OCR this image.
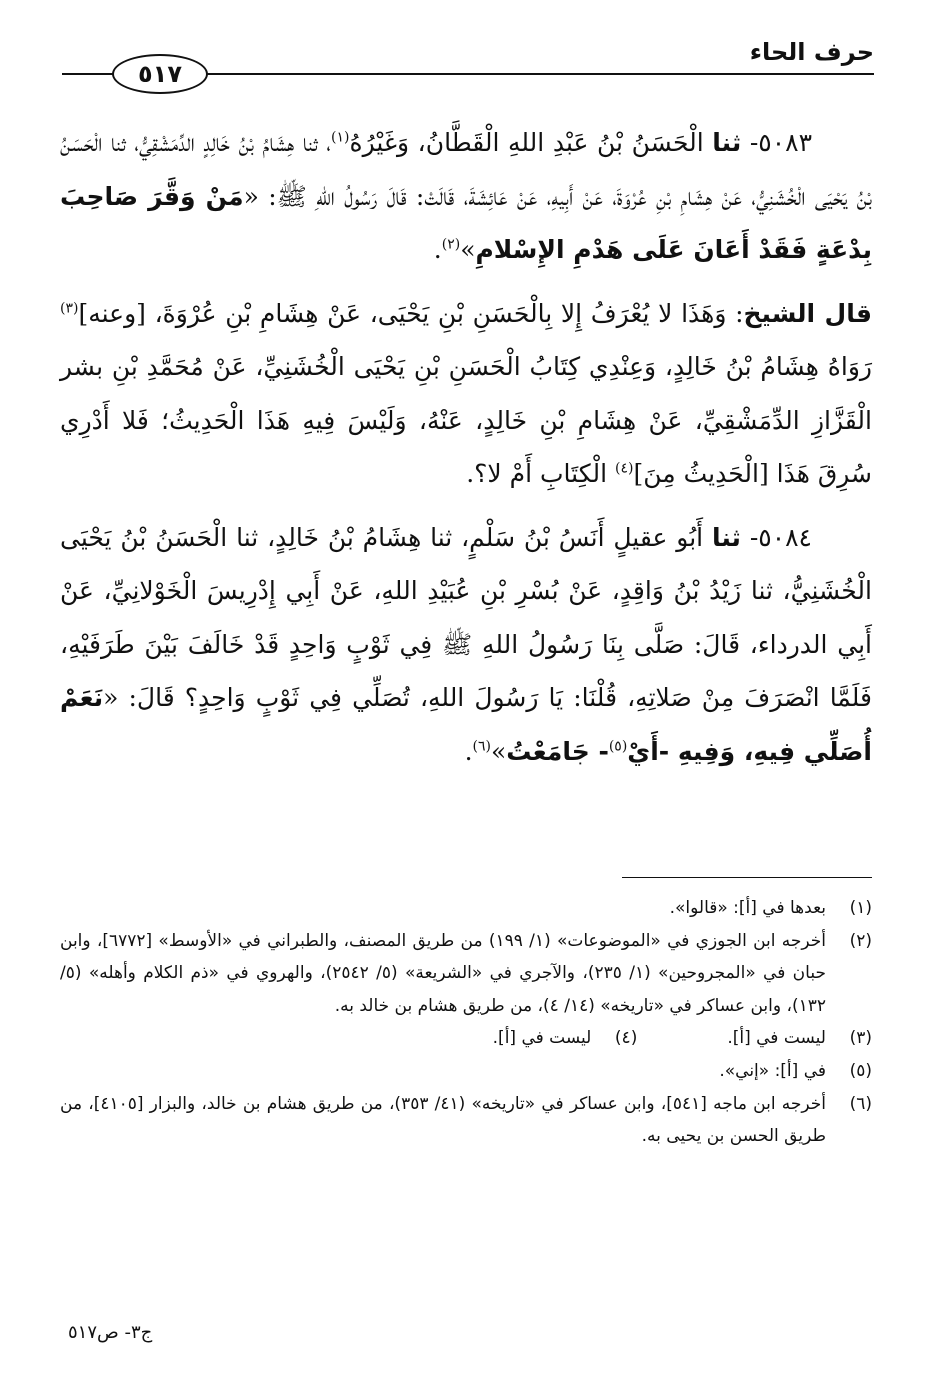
حرف الحاء
٥١٧

٥٠٨٣- ثنا الْحَسَنُ بْنُ عَبْدِ اللهِ الْقَطَّانُ، وَغَيْرُهُ$^{(١)}$، ثنا هِشَامُ بْنُ خَالِدٍ الدِّمَشْقِيُّ، ثنا الْحَسَنُ بْنُ يَحْيَى الْخُشَنِيُّ، عَنْ هِشَامِ بْنِ عُرْوَةَ، عَنْ أَبِيهِ، عَنْ عَائِشَةَ، قَالَتْ: قَالَ رَسُولُ اللهِ ﷺ: «مَنْ وَقَّرَ صَاحِبَ بِدْعَةٍ فَقَدْ أَعَانَ عَلَى هَدْمِ الإِسْلامِ»$^{(٢)}$.

قال الشيخ: وَهَذَا لا يُعْرَفُ إِلا بِالْحَسَنِ بْنِ يَحْيَى، عَنْ هِشَامِ بْنِ عُرْوَةَ، [وعنه]$^{(٣)}$ رَوَاهُ هِشَامُ بْنُ خَالِدٍ، وَعِنْدِي كِتَابُ الْحَسَنِ بْنِ يَحْيَى الْخُشَنِيِّ، عَنْ مُحَمَّدِ بْنِ بشر الْقَزَّازِ الدِّمَشْقِيِّ، عَنْ هِشَامِ بْنِ خَالِدٍ، عَنْهُ، وَلَيْسَ فِيهِ هَذَا الْحَدِيثُ؛ فَلا أَدْرِي سُرِقَ هَذَا [الْحَدِيثُ مِنَ]$^{(٤)}$ الْكِتَابِ أَمْ لا؟.

٥٠٨٤- ثنا أَبُو عقيلٍ أَنَسُ بْنُ سَلْمٍ، ثنا هِشَامُ بْنُ خَالِدٍ، ثنا الْحَسَنُ بْنُ يَحْيَى الْخُشَنِيُّ، ثنا زَيْدُ بْنُ وَاقِدٍ، عَنْ بُسْرِ بْنِ عُبَيْدِ اللهِ، عَنْ أَبِي إِدْرِيسَ الْخَوْلانِيِّ، عَنْ أَبِي الدرداء، قَالَ: صَلَّى بِنَا رَسُولُ اللهِ ﷺ فِي ثَوْبٍ وَاحِدٍ قَدْ خَالَفَ بَيْنَ طَرَفَيْهِ، فَلَمَّا انْصَرَفَ مِنْ صَلاتِهِ، قُلْنَا: يَا رَسُولَ اللهِ، تُصَلِّي فِي ثَوْبٍ وَاحِدٍ؟ قَالَ: «نَعَمْ أُصَلِّي فِيهِ، وَفِيهِ -أَيْ$^{(٥)}$- جَامَعْتُ»$^{(٦)}$.

(١)
بعدها في [أ]: «قالوا».
(٢)
أخرجه ابن الجوزي في «الموضوعات» (١/ ١٩٩) من طريق المصنف، والطبراني في «الأوسط» [٦٧٧٢]، وابن حبان في «المجروحين» (١/ ٢٣٥)، والآجري في «الشريعة» (٥/ ٢٥٤٢)، والهروي في «ذم الكلام وأهله» (٥/ ١٣٢)، وابن عساكر في «تاريخه» (١٤/ ٤)، من طريق هشام بن خالد به.
(٣)
ليست في [أ].
(٤)
ليست في [أ].
(٥)
في [أ]: «إني».
(٦)
أخرجه ابن ماجه [٥٤١]، وابن عساكر في «تاريخه» (٤١/ ٣٥٣)، من طريق هشام بن خالد، والبزار [٤١٠٥]، من طريق الحسن بن يحيى به.
ج٣- ص٥١٧
